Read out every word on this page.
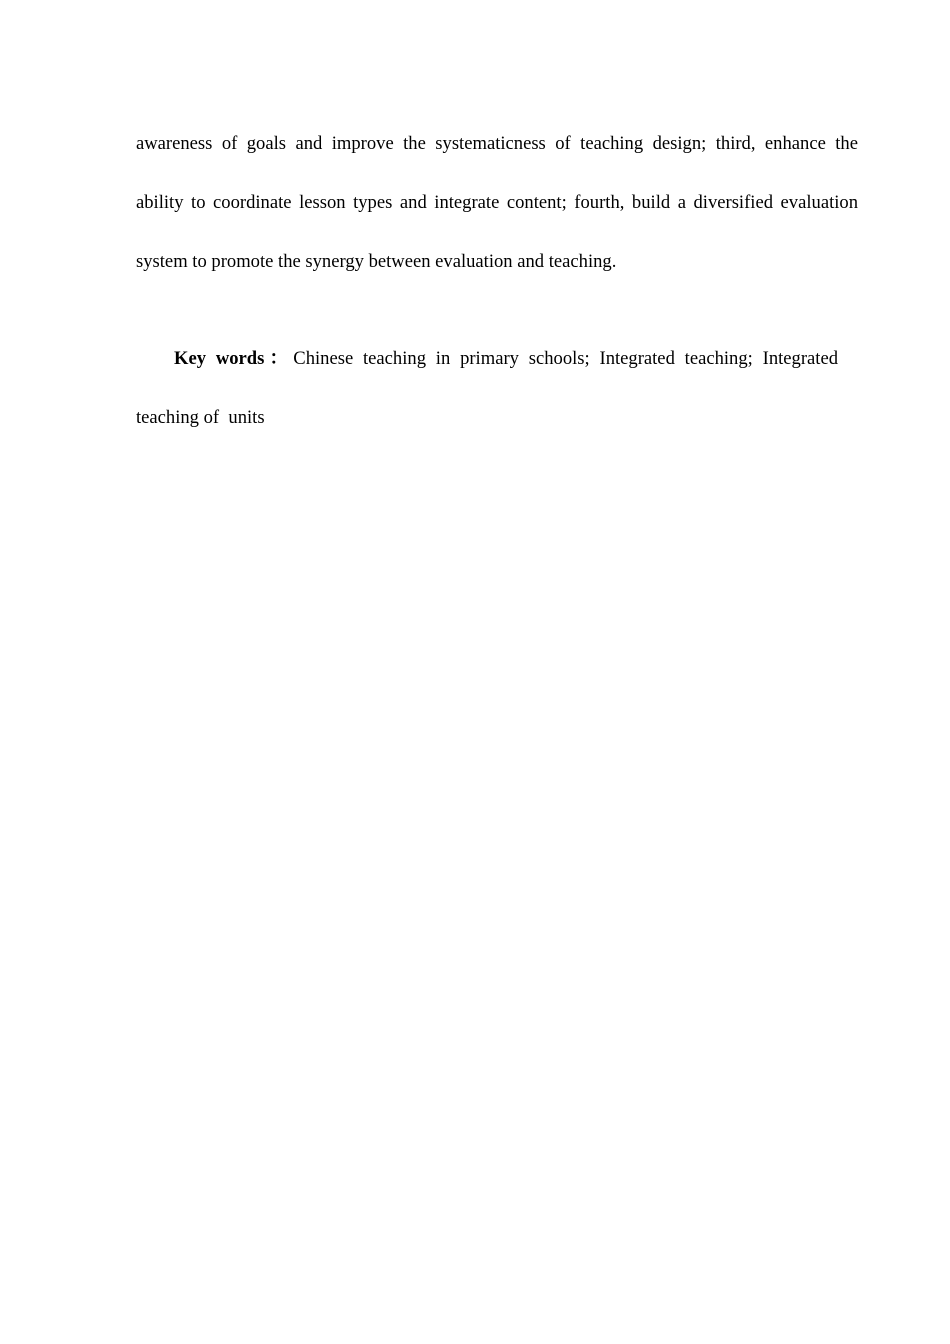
awareness of goals and improve the systematicness of teaching design; third, enhance the
ability to coordinate lesson types and integrate content; fourth, build a diversified evaluation
system to promote the synergy between evaluation and teaching.
Key words：Chinese teaching in primary schools; Integrated teaching; Integrated
teaching of  units
